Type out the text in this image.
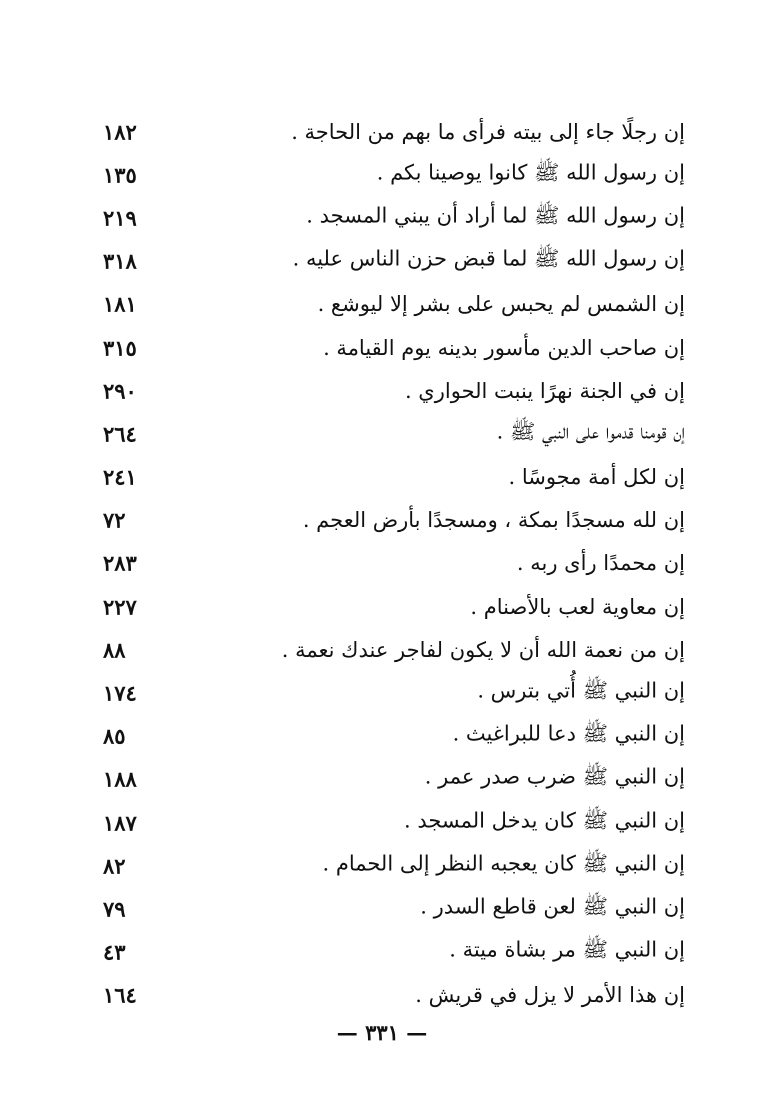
إن رجلًا جاء إلى بيته فرأى ما بهم من الحاجة .
١٨٢
إن رسول الله ﷺ كانوا يوصينا بكم .
١٣٥
إن رسول الله ﷺ لما أراد أن يبني المسجد .
٢١٩
إن رسول الله ﷺ لما قبض حزن الناس عليه .
٣١٨
إن الشمس لم يحبس على بشر إلا ليوشع .
١٨١
إن صاحب الدين مأسور بدينه يوم القيامة .
٣١٥
إن في الجنة نهرًا ينبت الحواري .
٢٩٠
إن قومنا قدموا على النبي ﷺ .
٢٦٤
إن لكل أمة مجوسًا .
٢٤١
إن لله مسجدًا بمكة ، ومسجدًا بأرض العجم .
٧٢
إن محمدًا رأى ربه .
٢٨٣
إن معاوية لعب بالأصنام .
٢٢٧
إن من نعمة الله أن لا يكون لفاجر عندك نعمة .
٨٨
إن النبي ﷺ أُتي بترس .
١٧٤
إن النبي ﷺ دعا للبراغيث .
٨٥
إن النبي ﷺ ضرب صدر عمر .
١٨٨
إن النبي ﷺ كان يدخل المسجد .
١٨٧
إن النبي ﷺ كان يعجبه النظر إلى الحمام .
٨٢
إن النبي ﷺ لعن قاطع السدر .
٧٩
إن النبي ﷺ مر بشاة ميتة .
٤٣
إن هذا الأمر لا يزل في قريش .
١٦٤
— ٣٣١ —
